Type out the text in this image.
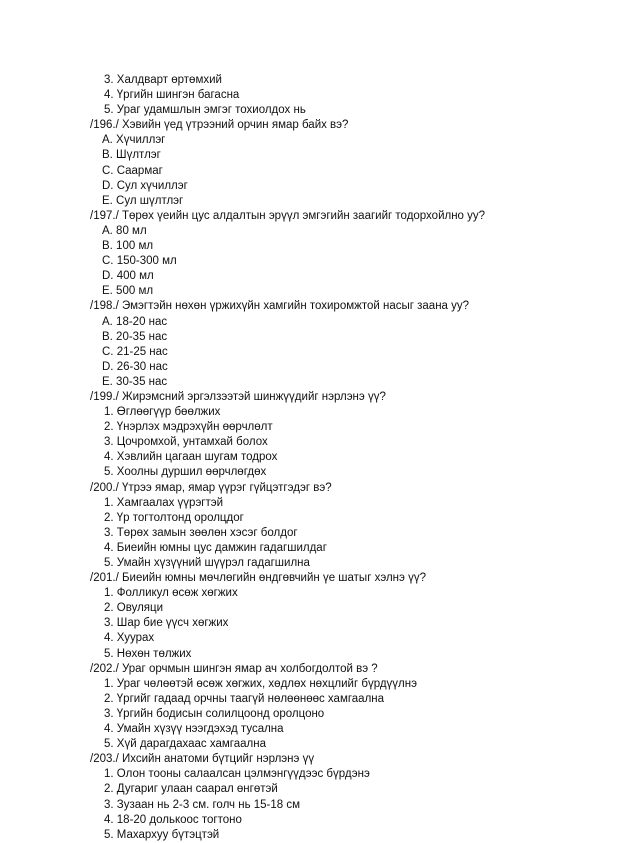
3. Халдварт өртөмхий
4. Үргийн шингэн багасна
5. Ураг удамшлын эмгэг тохиолдох нь
/196./ Хэвийн үед үтрээний орчин ямар байх вэ?
А. Хүчиллэг
B. Шүлтлэг
C. Саармаг
D. Сул хүчиллэг
E. Сул шүлтлэг
/197./ Төрөх үеийн цус алдалтын эрүүл эмгэгийн заагийг тодорхойлно уу?
A. 80 мл
B. 100 мл
C. 150-300 мл
D. 400 мл
E. 500 мл
/198./ Эмэгтэйн нөхөн үржихүйн хамгийн тохиромжтой насыг заана уу?
A. 18-20 нас
B. 20-35 нас
C. 21-25 нас
D. 26-30 нас
E. 30-35 нас
/199./ Жирэмсний эргэлзээтэй шинжүүдийг нэрлэнэ үү?
1. Өглөөгүүр бөөлжих
2. Үнэрлэх мэдрэхүйн өөрчлөлт
3. Цочромхой, унтамхай болох
4. Хэвлийн цагаан шугам тодрох
5. Хоолны дуршил өөрчлөгдөх
/200./ Үтрээ ямар, ямар үүрэг гүйцэтгэдэг вэ?
1. Хамгаалах үүрэгтэй
2. Үр тогтолтонд оролцдог
3. Төрөх замын зөөлөн хэсэг болдог
4. Биеийн юмны цус дамжин гадагшилдаг
5. Умайн хүзүүний шүүрэл гадагшилна
/201./ Биеийн юмны мөчлөгийн өндгөвчийн үе шатыг хэлнэ үү?
1. Фолликул өсөж хөгжих
2. Овуляци
3. Шар бие үүсч хөгжих
4. Хуурах
5. Нөхөн төлжих
/202./ Ураг орчмын шингэн ямар ач холбогдолтой вэ ?
1. Ураг чөлөөтэй өсөж хөгжих, хөдлөх нөхцлийг бүрдүүлнэ
2. Үргийг гадаад орчны таагүй нөлөөнөөс хамгаална
3. Үргийн бодисын солилцоонд оролцоно
4. Умайн хүзүү нээгдэхэд тусална
5. Хүй дарагдахаас хамгаална
/203./ Ихсийн анатоми бүтцийг нэрлэнэ үү
1. Олон тооны салаалсан цэлмэнгүүдээс бүрдэнэ
2. Дугариг улаан саарал өнгөтэй
3. Зузаан нь 2-3 см. голч нь 15-18 см
4. 18-20 долькоос тогтоно
5. Махархуу бүтэцтэй
